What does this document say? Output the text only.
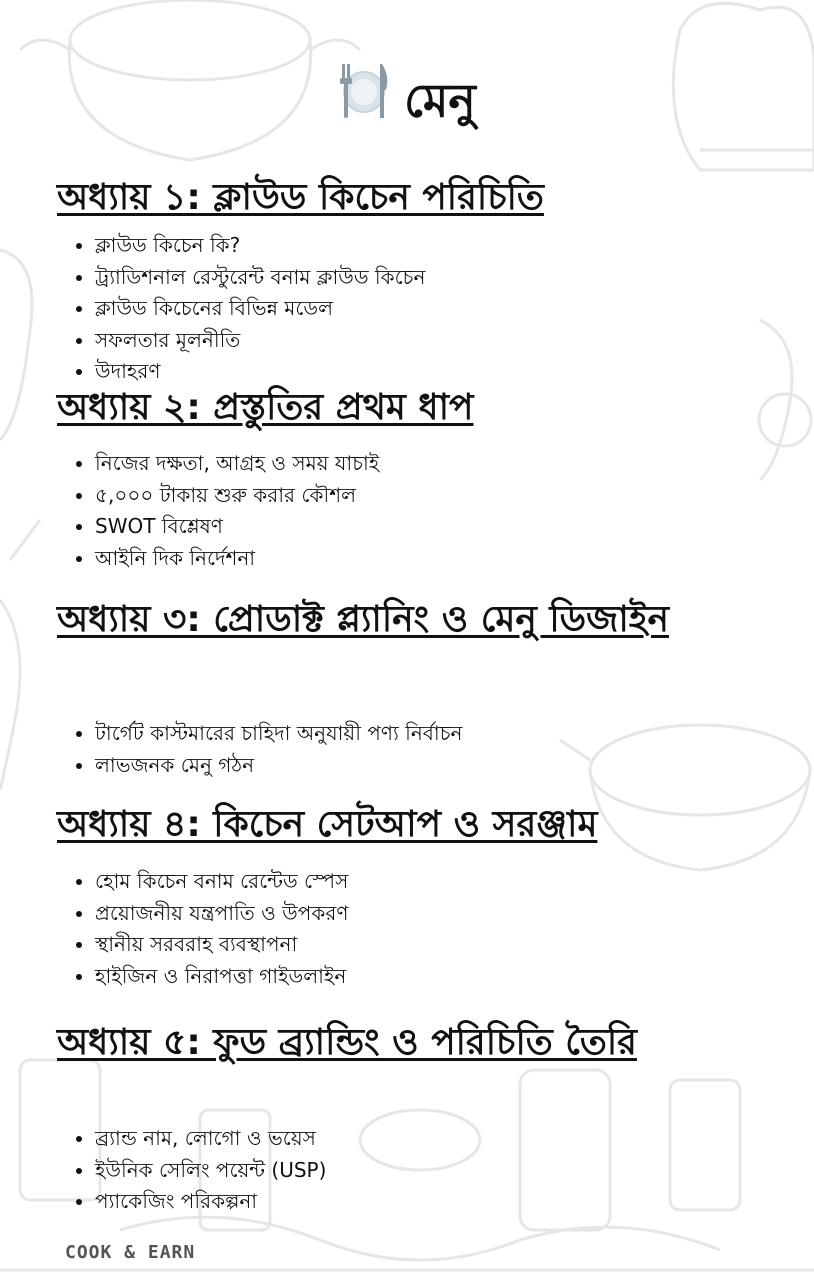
মেনু
অধ্যায় ১: ক্লাউড কিচেন পরিচিতি
• ক্লাউড কিচেন কি?
• ট্র্যাডিশনাল রেস্টুরেন্ট বনাম ক্লাউড কিচেন
• ক্লাউড কিচেনের বিভিন্ন মডেল
• সফলতার মূলনীতি
• উদাহরণ
অধ্যায় ২: প্রস্তুতির প্রথম ধাপ
• নিজের দক্ষতা, আগ্রহ ও সময় যাচাই
• ৫,০০০ টাকায় শুরু করার কৌশল
• SWOT বিশ্লেষণ
• আইনি দিক নির্দেশনা
অধ্যায় ৩: প্রোডাক্ট প্ল্যানিং ও মেনু ডিজাইন
• টার্গেট কাস্টমারের চাহিদা অনুযায়ী পণ্য নির্বাচন
• লাভজনক মেনু গঠন
অধ্যায় ৪: কিচেন সেটআপ ও সরঞ্জাম
• হোম কিচেন বনাম রেন্টেড স্পেস
• প্রয়োজনীয় যন্ত্রপাতি ও উপকরণ
• স্থানীয় সরবরাহ ব্যবস্থাপনা
• হাইজিন ও নিরাপত্তা গাইডলাইন
অধ্যায় ৫: ফুড ব্র্যান্ডিং ও পরিচিতি তৈরি
• ব্র্যান্ড নাম, লোগো ও ভয়েস
• ইউনিক সেলিং পয়েন্ট (USP)
• প্যাকেজিং পরিকল্পনা
COOK & EARN
